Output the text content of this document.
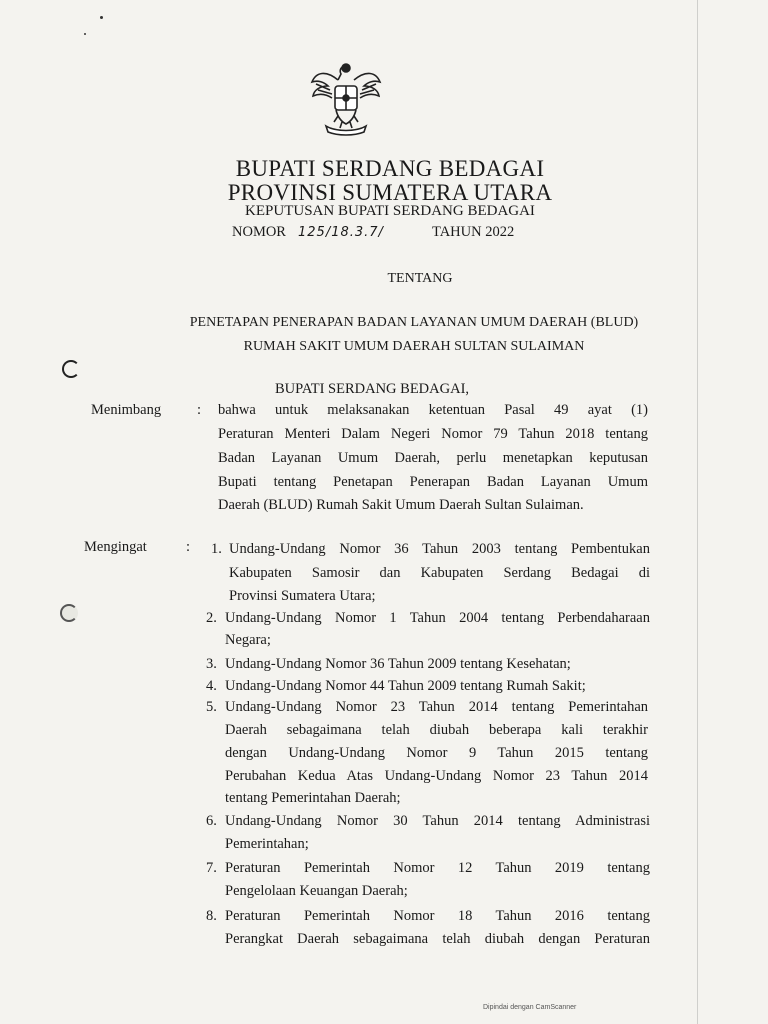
BUPATI SERDANG BEDAGAI
PROVINSI SUMATERA UTARA
KEPUTUSAN BUPATI SERDANG BEDAGAI
NOMOR 125/18.3.7/	TAHUN 2022
TENTANG
PENETAPAN PENERAPAN BADAN LAYANAN UMUM DAERAH (BLUD)
RUMAH SAKIT UMUM DAERAH SULTAN SULAIMAN
BUPATI SERDANG BEDAGAI,
Menimbang : bahwa untuk melaksanakan ketentuan Pasal 49 ayat (1)
Peraturan Menteri Dalam Negeri Nomor 79 Tahun 2018 tentang
Badan Layanan Umum Daerah, perlu menetapkan keputusan
Bupati tentang Penetapan Penerapan Badan Layanan Umum
Daerah (BLUD) Rumah Sakit Umum Daerah Sultan Sulaiman.
Mengingat	: 1. Undang-Undang Nomor 36 Tahun 2003 tentang Pembentukan
Kabupaten Samosir dan Kabupaten Serdang Bedagai di
Provinsi Sumatera Utara;
2. Undang-Undang Nomor 1 Tahun 2004 tentang Perbendaharaan
Negara;
3. Undang-Undang Nomor 36 Tahun 2009 tentang Kesehatan;
4. Undang-Undang Nomor 44 Tahun 2009 tentang Rumah Sakit;
5. Undang-Undang Nomor 23 Tahun 2014 tentang Pemerintahan
Daerah sebagaimana telah diubah beberapa kali terakhir
dengan Undang-Undang Nomor 9 Tahun 2015 tentang
Perubahan Kedua Atas Undang-Undang Nomor 23 Tahun 2014
tentang Pemerintahan Daerah;
6. Undang-Undang Nomor 30 Tahun 2014 tentang Administrasi
Pemerintahan;
7. Peraturan Pemerintah Nomor 12 Tahun 2019 tentang
Pengelolaan Keuangan Daerah;
8. Peraturan Pemerintah Nomor 18 Tahun 2016 tentang
Perangkat Daerah sebagaimana telah diubah dengan Peraturan
Dipindai dengan CamScanner
